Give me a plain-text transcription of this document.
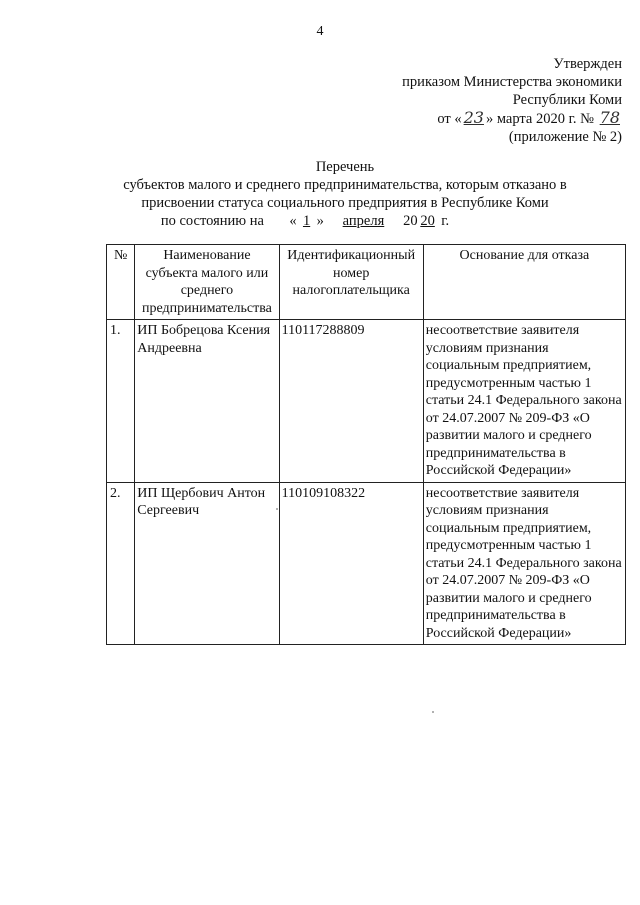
4
Утвержден
приказом Министерства экономики
Республики Коми
от « 23 » марта 2020 г. № 78
(приложение № 2)
Перечень
субъектов малого и среднего предпринимательства, которым отказано в
присвоении статуса социального предприятия в Республике Коми
по состоянию на « 1 » апреля 20 20 г.
№	Наименование субъекта малого или среднего предпринимательства	Идентификационный номер налогоплательщика	Основание для отказа
1.	ИП Бобрецова Ксения Андреевна	110117288809	несоответствие заявителя условиям признания социальным предприятием, предусмотренным частью 1 статьи 24.1 Федерального закона от 24.07.2007 № 209-ФЗ «О развитии малого и среднего предпринимательства в Российской Федерации»
2.	ИП Щербович Антон Сергеевич	110109108322	несоответствие заявителя условиям признания социальным предприятием, предусмотренным частью 1 статьи 24.1 Федерального закона от 24.07.2007 № 209-ФЗ «О развитии малого и среднего предпринимательства в Российской Федерации»
